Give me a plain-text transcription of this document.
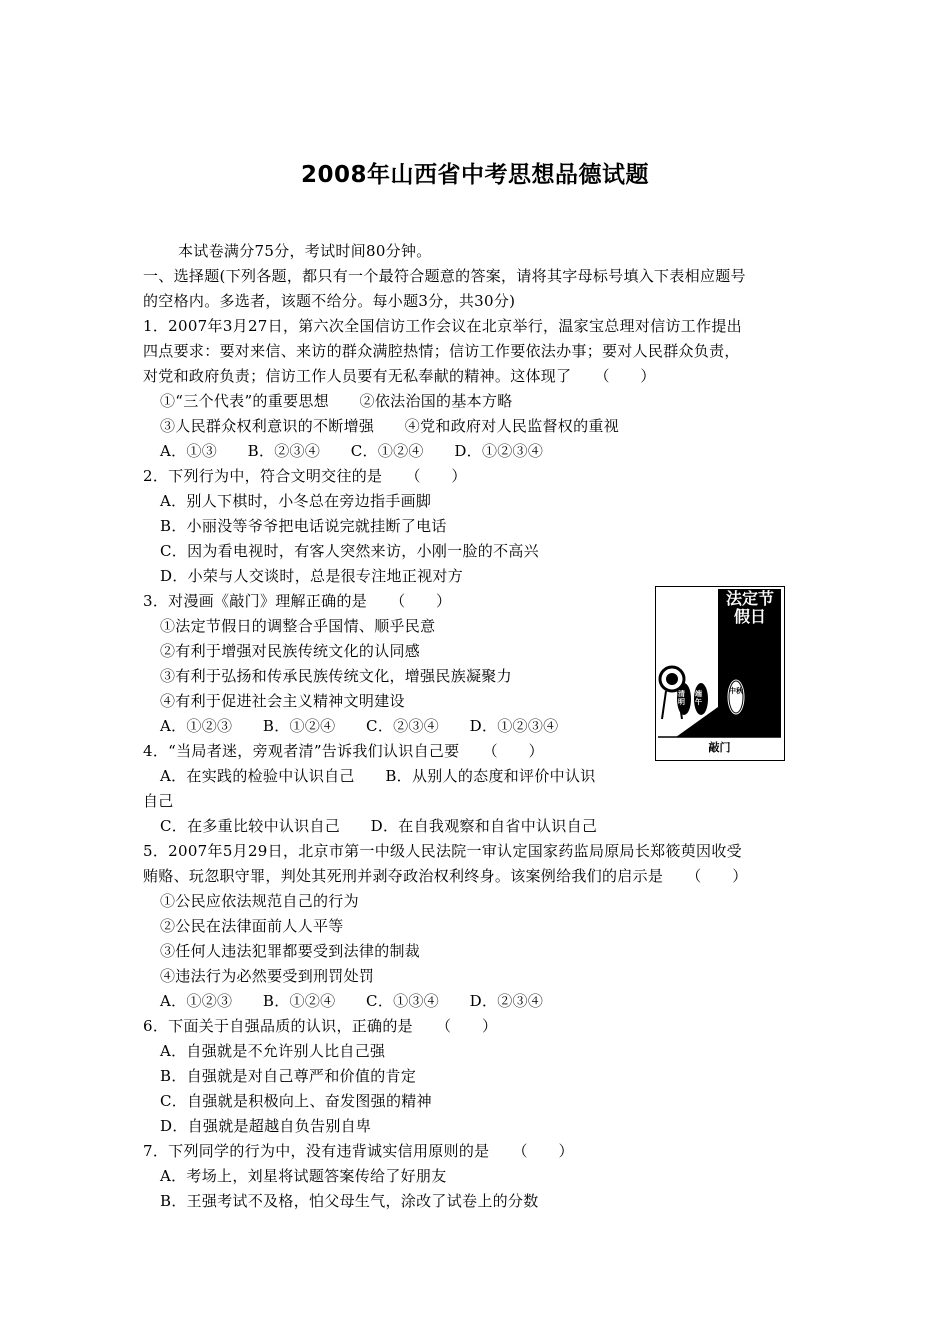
2008年山西省中考思想品德试题
本试卷满分75分，考试时间80分钟。
一、选择题(下列各题，都只有一个最符合题意的答案，请将其字母标号填入下表相应题号
的空格内。多选者，该题不给分。每小题3分，共30分)
1．2007年3月27日，第六次全国信访工作会议在北京举行，温家宝总理对信访工作提出
四点要求：要对来信、来访的群众满腔热情；信访工作要依法办事；要对人民群众负责，
对党和政府负责；信访工作人员要有无私奉献的精神。这体现了　　（　　）
①“三个代表”的重要思想　　②依法治国的基本方略
③人民群众权利意识的不断增强　　④党和政府对人民监督权的重视
A．①③　　B．②③④　　C．①②④　　D．①②③④
2．下列行为中，符合文明交往的是　　（　　）
A．别人下棋时，小冬总在旁边指手画脚
B．小丽没等爷爷把电话说完就挂断了电话
C．因为看电视时，有客人突然来访，小刚一脸的不高兴
D．小荣与人交谈时，总是很专注地正视对方
3．对漫画《敲门》理解正确的是　　（　　）
①法定节假日的调整合乎国情、顺乎民意
②有利于增强对民族传统文化的认同感
③有利于弘扬和传承民族传统文化，增强民族凝聚力
④有利于促进社会主义精神文明建设
A．①②③　　B．①②④　　C．②③④　　D．①②③④
法定节
假日
清明
端午
中秋
敲门
4．“当局者迷，旁观者清”告诉我们认识自己要　　（　　）
A．在实践的检验中认识自己　　B．从别人的态度和评价中认识
自己
C．在多重比较中认识自己　　D．在自我观察和自省中认识自己
5．2007年5月29日，北京市第一中级人民法院一审认定国家药监局原局长郑筱萸因收受
贿赂、玩忽职守罪，判处其死刑并剥夺政治权利终身。该案例给我们的启示是　　（　　）
①公民应依法规范自己的行为
②公民在法律面前人人平等
③任何人违法犯罪都要受到法律的制裁
④违法行为必然要受到刑罚处罚
A．①②③　　B．①②④　　C．①③④　　D．②③④
6．下面关于自强品质的认识，正确的是　　（　　）
A．自强就是不允许别人比自己强
B．自强就是对自己尊严和价值的肯定
C．自强就是积极向上、奋发图强的精神
D．自强就是超越自负告别自卑
7．下列同学的行为中，没有违背诚实信用原则的是　　（　　）
A．考场上，刘星将试题答案传给了好朋友
B．王强考试不及格，怕父母生气，涂改了试卷上的分数
